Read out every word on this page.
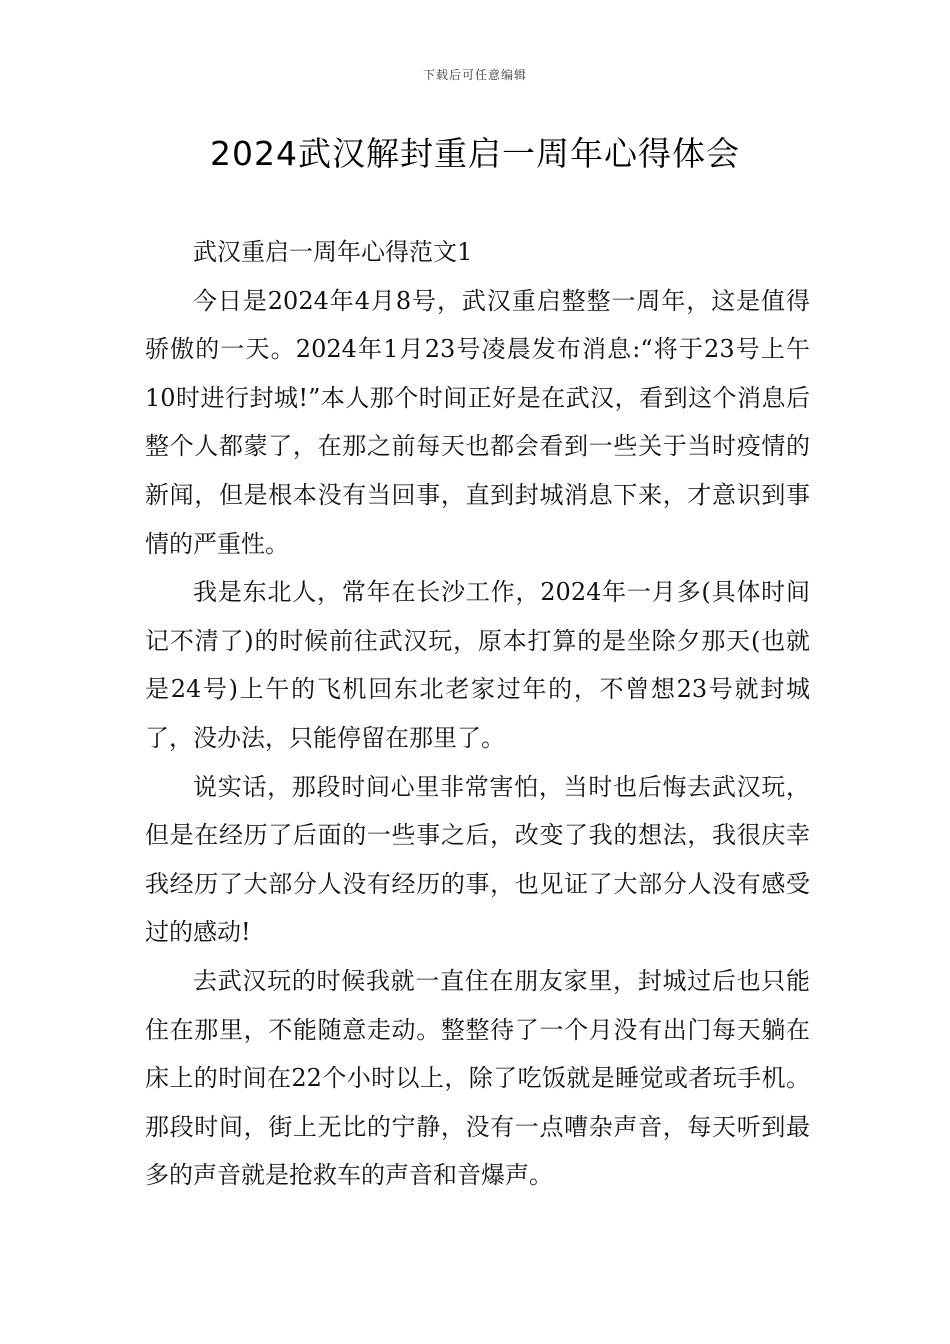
下载后可任意编辑
2024武汉解封重启一周年心得体会

武汉重启一周年心得范文1

今日是2024年4月8号，武汉重启整整一周年，这是值得骄傲的一天。2024年1月23号凌晨发布消息:“将于23号上午10时进行封城!”本人那个时间正好是在武汉，看到这个消息后整个人都蒙了，在那之前每天也都会看到一些关于当时疫情的新闻，但是根本没有当回事，直到封城消息下来，才意识到事情的严重性。

我是东北人，常年在长沙工作，2024年一月多(具体时间记不清了)的时候前往武汉玩，原本打算的是坐除夕那天(也就是24号)上午的飞机回东北老家过年的，不曾想23号就封城了，没办法，只能停留在那里了。

说实话，那段时间心里非常害怕，当时也后悔去武汉玩，但是在经历了后面的一些事之后，改变了我的想法，我很庆幸我经历了大部分人没有经历的事，也见证了大部分人没有感受过的感动!

去武汉玩的时候我就一直住在朋友家里，封城过后也只能住在那里，不能随意走动。整整待了一个月没有出门每天躺在床上的时间在22个小时以上，除了吃饭就是睡觉或者玩手机。那段时间，街上无比的宁静，没有一点嘈杂声音，每天听到最多的声音就是抢救车的声音和音爆声。
